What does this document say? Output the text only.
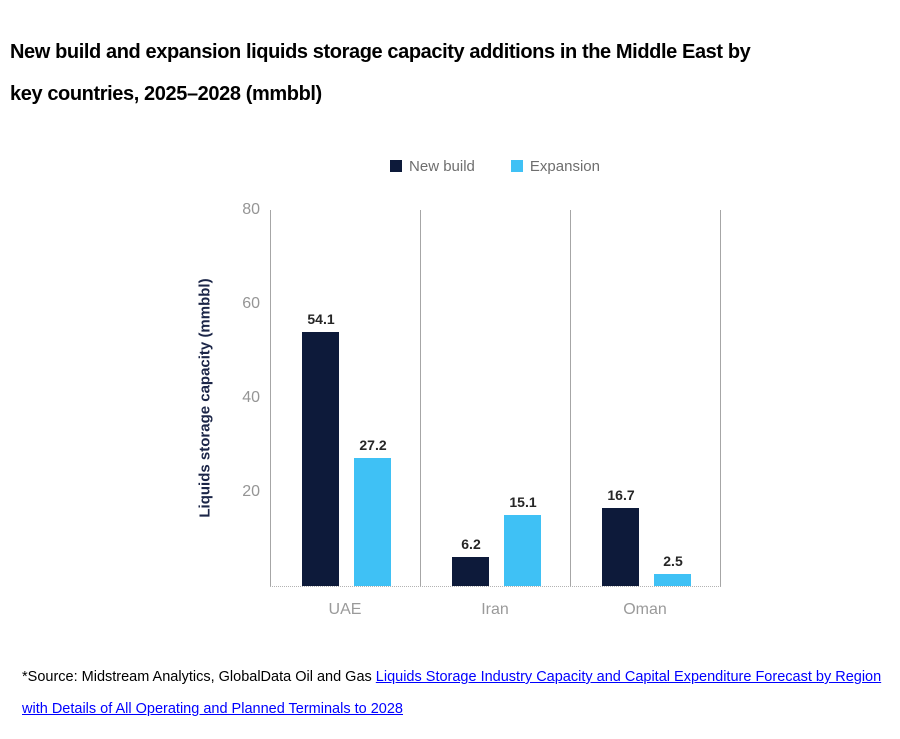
New build and expansion liquids storage capacity additions in the Middle East by
key countries, 2025–2028 (mmbbl)
New build	Expansion
Liquids storage capacity (mmbbl) 20
40
60
80
54.1
27.2
6.2
15.1	16.7
2.5
UAE	Iran	Oman

*Source: Midstream Analytics, GlobalData Oil and Gas Liquids Storage Industry Capacity and Capital Expenditure Forecast by Region with Details of All Operating and Planned Terminals to 2028
